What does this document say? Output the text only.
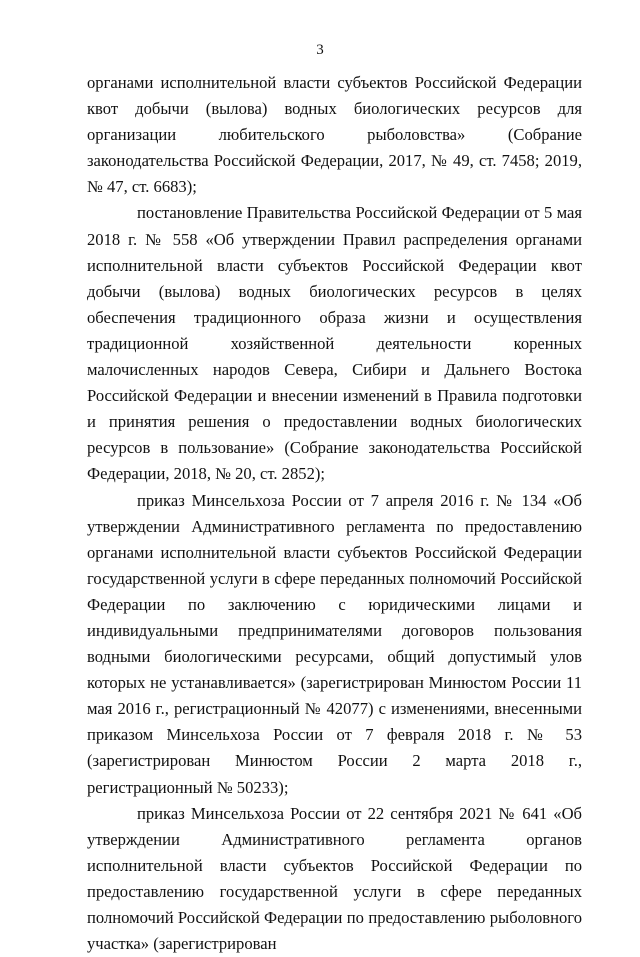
3

органами исполнительной власти субъектов Российской Федерации квот добычи (вылова) водных биологических ресурсов для организации любительского рыболовства» (Собрание законодательства Российской Федерации, 2017, № 49, ст. 7458; 2019, № 47, ст. 6683);

постановление Правительства Российской Федерации от 5 мая 2018 г. № 558 «Об утверждении Правил распределения органами исполнительной власти субъектов Российской Федерации квот добычи (вылова) водных биологических ресурсов в целях обеспечения традиционного образа жизни и осуществления традиционной хозяйственной деятельности коренных малочисленных народов Севера, Сибири и Дальнего Востока Российской Федерации и внесении изменений в Правила подготовки и принятия решения о предоставлении водных биологических ресурсов в пользование» (Собрание законодательства Российской Федерации, 2018, № 20, ст. 2852);

приказ Минсельхоза России от 7 апреля 2016 г. № 134 «Об утверждении Административного регламента по предоставлению органами исполнительной власти субъектов Российской Федерации государственной услуги в сфере переданных полномочий Российской Федерации по заключению с юридическими лицами и индивидуальными предпринимателями договоров пользования водными биологическими ресурсами, общий допустимый улов которых не устанавливается» (зарегистрирован Минюстом России 11 мая 2016 г., регистрационный № 42077) с изменениями, внесенными приказом Минсельхоза России от 7 февраля 2018 г. № 53 (зарегистрирован Минюстом России 2 марта 2018 г., регистрационный № 50233);

приказ Минсельхоза России от 22 сентября 2021 № 641 «Об утверждении Административного регламента органов исполнительной власти субъектов Российской Федерации по предоставлению государственной услуги в сфере переданных полномочий Российской Федерации по предоставлению рыболовного участка» (зарегистрирован
